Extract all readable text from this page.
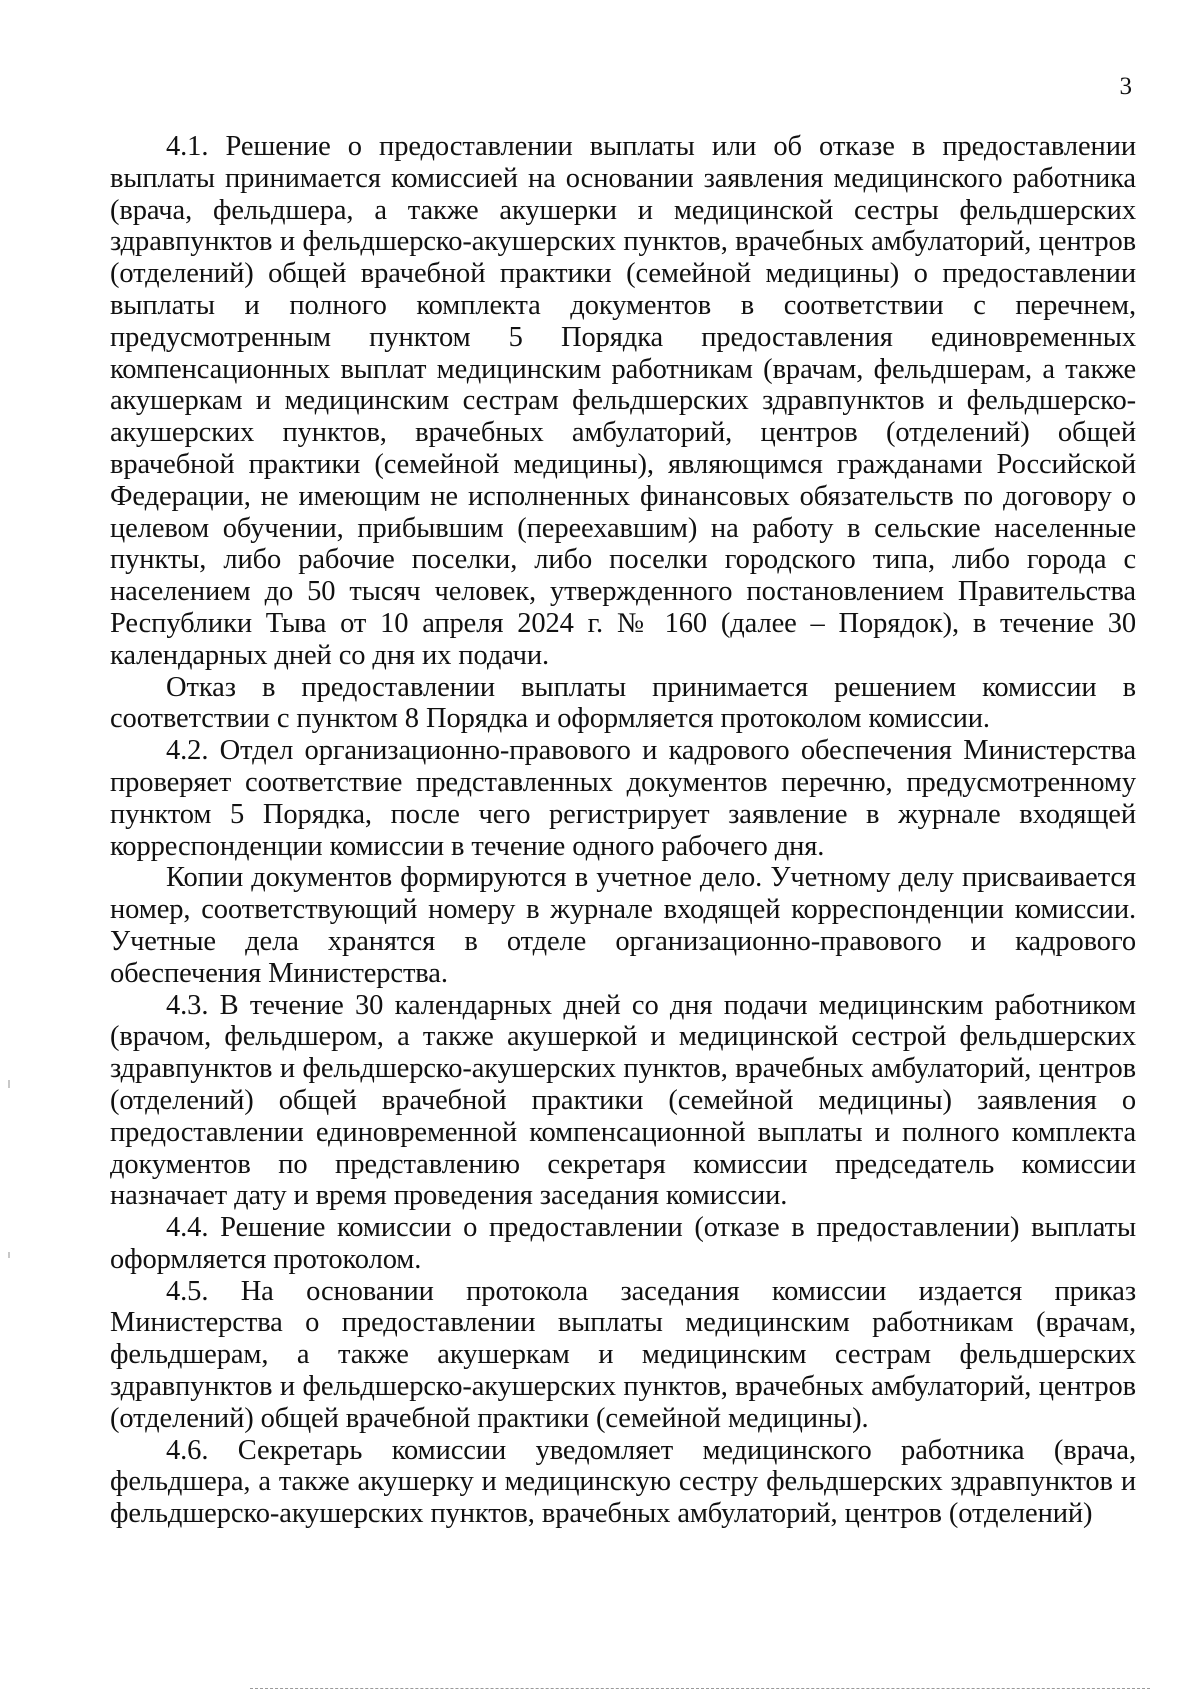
3

4.1. Решение о предоставлении выплаты или об отказе в предоставлении выплаты принимается комиссией на основании заявления медицинского работника (врача, фельдшера, а также акушерки и медицинской сестры фельдшерских здравпунктов и фельдшерско-акушерских пунктов, врачебных амбулаторий, центров (отделений) общей врачебной практики (семейной медицины) о предоставлении выплаты и полного комплекта документов в соответствии с перечнем, предусмотренным пунктом 5 Порядка предоставления единовременных компенсационных выплат медицинским работникам (врачам, фельдшерам, а также акушеркам и медицинским сестрам фельдшерских здравпунктов и фельдшерско-акушерских пунктов, врачебных амбулаторий, центров (отделений) общей врачебной практики (семейной медицины), являющимся гражданами Российской Федерации, не имеющим не исполненных финансовых обязательств по договору о целевом обучении, прибывшим (переехавшим) на работу в сельские населенные пункты, либо рабочие поселки, либо поселки городского типа, либо города с населением до 50 тысяч человек, утвержденного постановлением Правительства Республики Тыва от 10 апреля 2024 г. № 160 (далее – Порядок), в течение 30 календарных дней со дня их подачи.

Отказ в предоставлении выплаты принимается решением комиссии в соответствии с пунктом 8 Порядка и оформляется протоколом комиссии.

4.2. Отдел организационно-правового и кадрового обеспечения Министерства проверяет соответствие представленных документов перечню, предусмотренному пунктом 5 Порядка, после чего регистрирует заявление в журнале входящей корреспонденции комиссии в течение одного рабочего дня.

Копии документов формируются в учетное дело. Учетному делу присваивается номер, соответствующий номеру в журнале входящей корреспонденции комиссии. Учетные дела хранятся в отделе организационно-правового и кадрового обеспечения Министерства.

4.3. В течение 30 календарных дней со дня подачи медицинским работником (врачом, фельдшером, а также акушеркой и медицинской сестрой фельдшерских здравпунктов и фельдшерско-акушерских пунктов, врачебных амбулаторий, центров (отделений) общей врачебной практики (семейной медицины) заявления о предоставлении единовременной компенсационной выплаты и полного комплекта документов по представлению секретаря комиссии председатель комиссии назначает дату и время проведения заседания комиссии.

4.4. Решение комиссии о предоставлении (отказе в предоставлении) выплаты оформляется протоколом.

4.5. На основании протокола заседания комиссии издается приказ Министерства о предоставлении выплаты медицинским работникам (врачам, фельдшерам, а также акушеркам и медицинским сестрам фельдшерских здравпунктов и фельдшерско-акушерских пунктов, врачебных амбулаторий, центров (отделений) общей врачебной практики (семейной медицины).

4.6. Секретарь комиссии уведомляет медицинского работника (врача, фельдшера, а также акушерку и медицинскую сестру фельдшерских здравпунктов и фельдшерско-акушерских пунктов, врачебных амбулаторий, центров (отделений)
